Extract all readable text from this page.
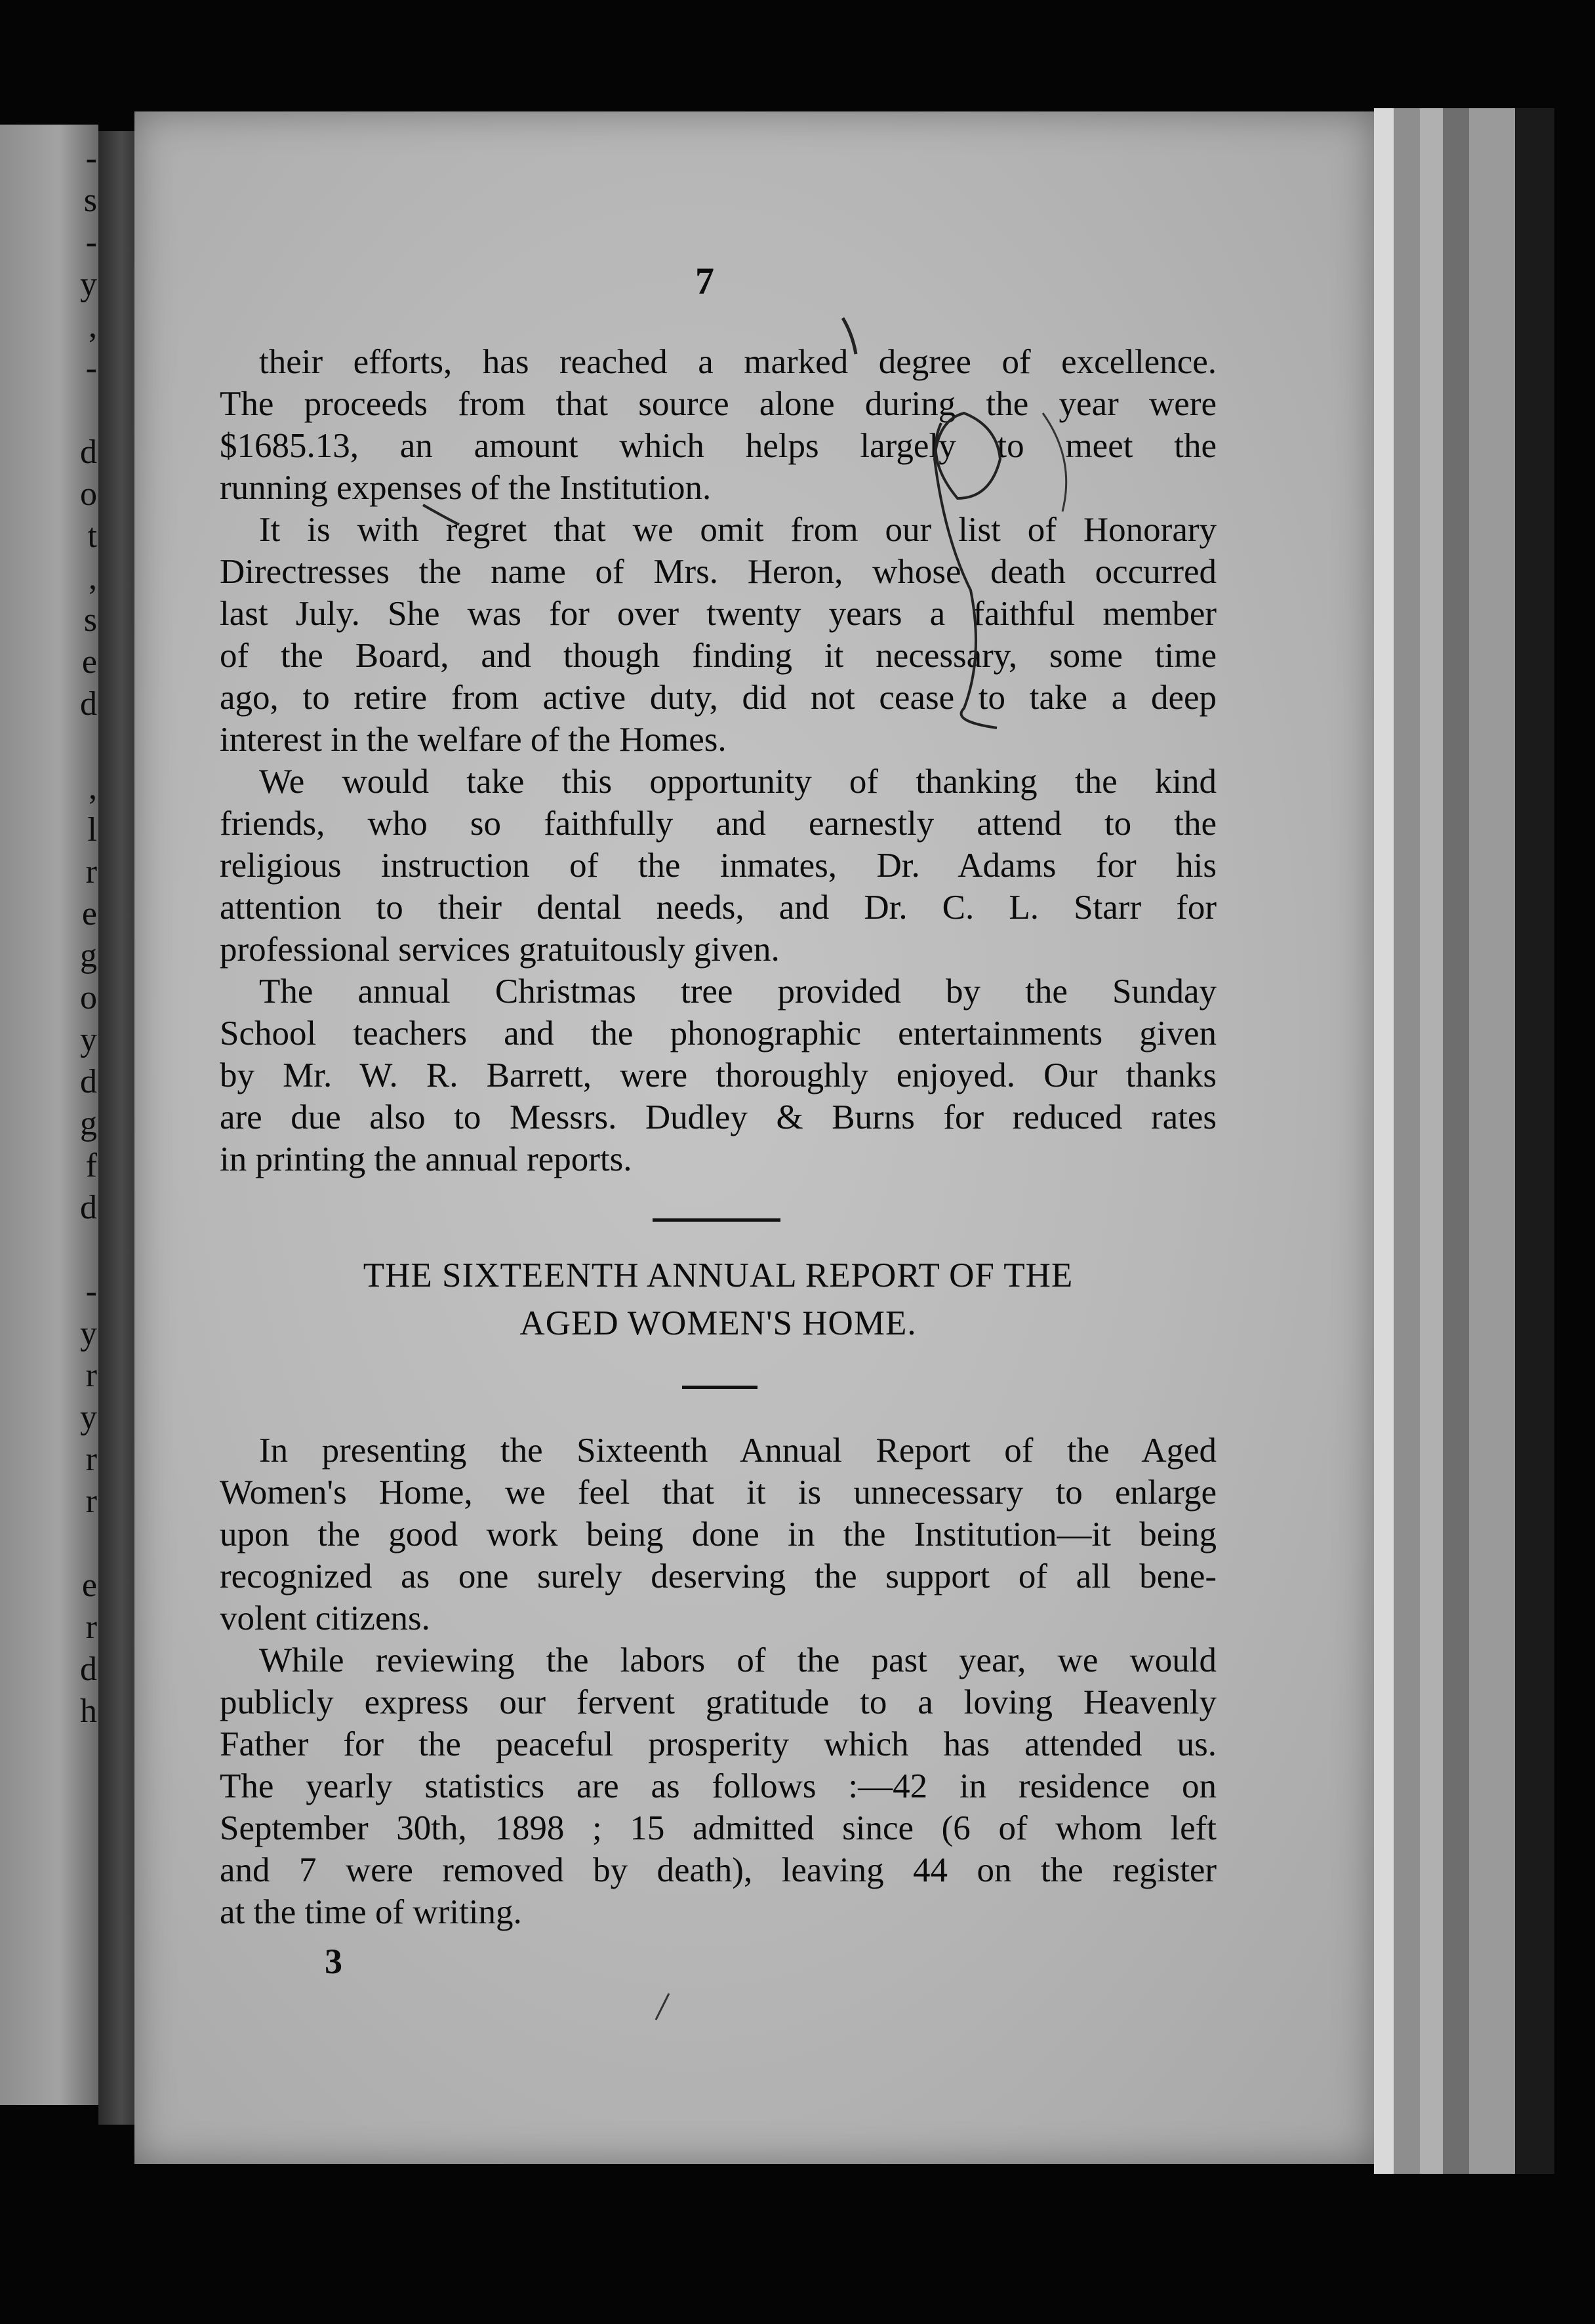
-
s
-
y
,
-
d
o
t
,
s
e
d
,
l
r
e
g
o
y
d
g
f
d
-
y
r
y
r
r
e
r
d
h
7
their efforts, has reached a marked degree of excellence.
The proceeds from that source alone during the year were
$1685.13, an amount which helps largely to meet the
running expenses of the Institution.
It is with regret that we omit from our list of Honorary
Directresses the name of Mrs. Heron, whose death occurred
last July. She was for over twenty years a faithful member
of the Board, and though finding it necessary, some time
ago, to retire from active duty, did not cease to take a deep
interest in the welfare of the Homes.
We would take this opportunity of thanking the kind
friends, who so faithfully and earnestly attend to the
religious instruction of the inmates, Dr. Adams for his
attention to their dental needs, and Dr. C. L. Starr for
professional services gratuitously given.
The annual Christmas tree provided by the Sunday
School teachers and the phonographic entertainments given
by Mr. W. R. Barrett, were thoroughly enjoyed. Our thanks
are due also to Messrs. Dudley & Burns for reduced rates
in printing the annual reports.
THE SIXTEENTH ANNUAL REPORT OF THE
AGED WOMEN'S HOME.
In presenting the Sixteenth Annual Report of the Aged
Women's Home, we feel that it is unnecessary to enlarge
upon the good work being done in the Institution—it being
recognized as one surely deserving the support of all bene-
volent citizens.
While reviewing the labors of the past year, we would
publicly express our fervent gratitude to a loving Heavenly
Father for the peaceful prosperity which has attended us.
The yearly statistics are as follows :—42 in residence on
September 30th, 1898 ; 15 admitted since (6 of whom left
and 7 were removed by death), leaving 44 on the register
at the time of writing.
3
